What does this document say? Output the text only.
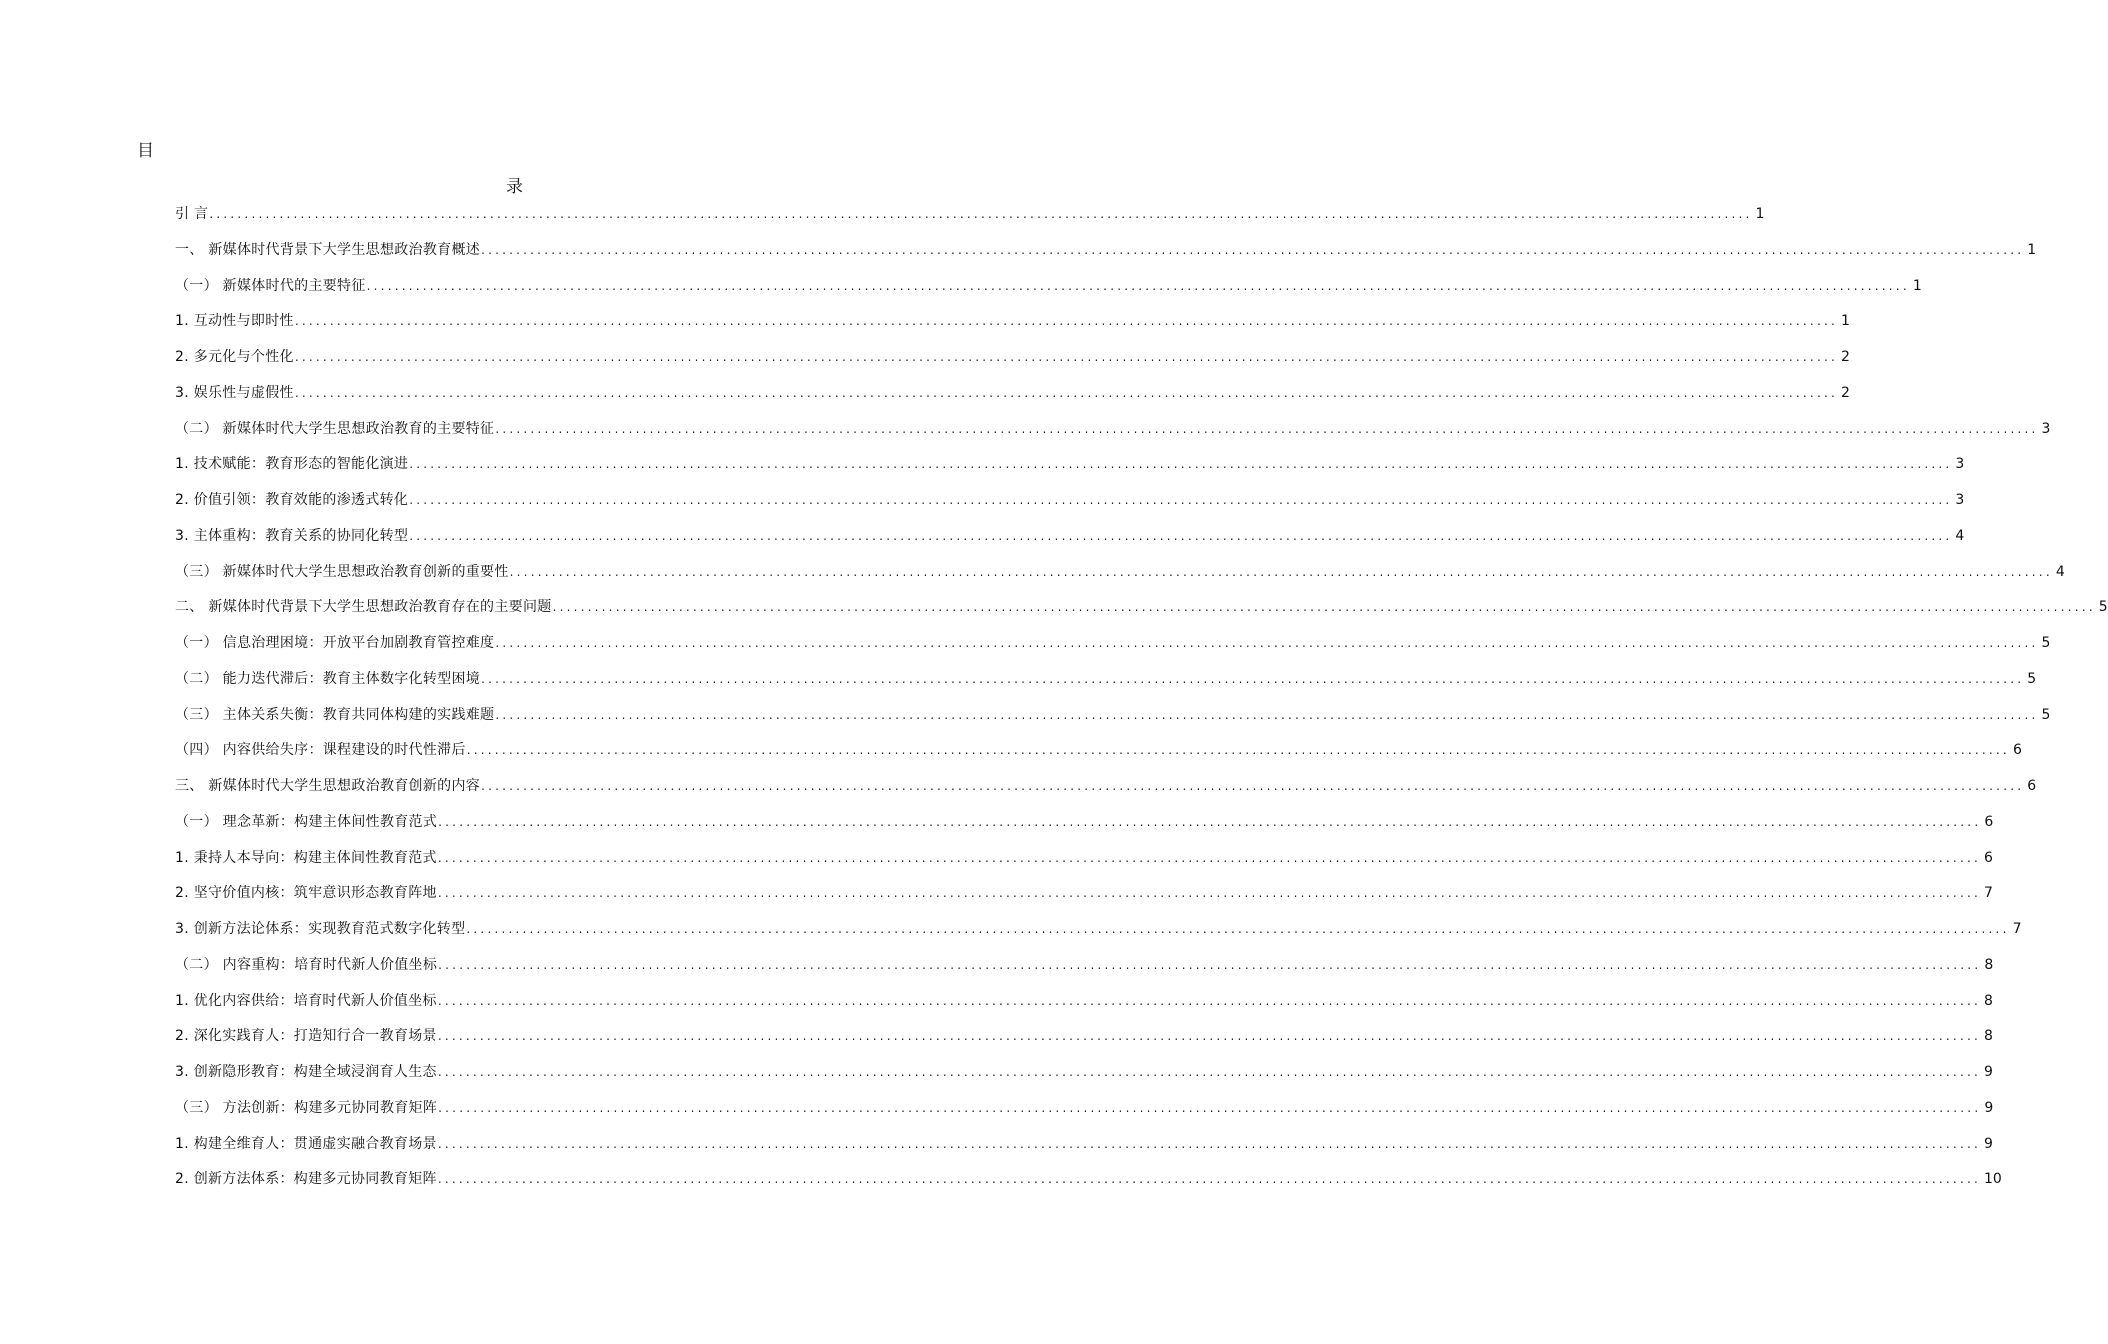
目
录
引 言 ............................................................................................................................................................................................................................ 1
一、 新媒体时代背景下大学生思想政治教育概述 ............................................................................................................................................................................................................................ 1
（一） 新媒体时代的主要特征 ............................................................................................................................................................................................................................ 1
1. 互动性与即时性 ............................................................................................................................................................................................................................ 1
2. 多元化与个性化 ............................................................................................................................................................................................................................ 2
3. 娱乐性与虚假性 ............................................................................................................................................................................................................................ 2
（二） 新媒体时代大学生思想政治教育的主要特征 ............................................................................................................................................................................................................................ 3
1. 技术赋能：教育形态的智能化演进 ............................................................................................................................................................................................................................ 3
2. 价值引领：教育效能的渗透式转化 ............................................................................................................................................................................................................................ 3
3. 主体重构：教育关系的协同化转型 ............................................................................................................................................................................................................................ 4
（三） 新媒体时代大学生思想政治教育创新的重要性 ............................................................................................................................................................................................................................ 4
二、 新媒体时代背景下大学生思想政治教育存在的主要问题 ............................................................................................................................................................................................................................ 5
（一） 信息治理困境：开放平台加剧教育管控难度 ............................................................................................................................................................................................................................ 5
（二） 能力迭代滞后：教育主体数字化转型困境 ............................................................................................................................................................................................................................ 5
（三） 主体关系失衡：教育共同体构建的实践难题 ............................................................................................................................................................................................................................ 5
（四） 内容供给失序：课程建设的时代性滞后 ............................................................................................................................................................................................................................ 6
三、 新媒体时代大学生思想政治教育创新的内容 ............................................................................................................................................................................................................................ 6
（一） 理念革新：构建主体间性教育范式 ............................................................................................................................................................................................................................ 6
1. 秉持人本导向：构建主体间性教育范式 ............................................................................................................................................................................................................................ 6
2. 坚守价值内核：筑牢意识形态教育阵地 ............................................................................................................................................................................................................................ 7
3. 创新方法论体系：实现教育范式数字化转型 ............................................................................................................................................................................................................................ 7
（二） 内容重构：培育时代新人价值坐标 ............................................................................................................................................................................................................................ 8
1. 优化内容供给：培育时代新人价值坐标 ............................................................................................................................................................................................................................ 8
2. 深化实践育人：打造知行合一教育场景 ............................................................................................................................................................................................................................ 8
3. 创新隐形教育：构建全域浸润育人生态 ............................................................................................................................................................................................................................ 9
（三） 方法创新：构建多元协同教育矩阵 ............................................................................................................................................................................................................................ 9
1. 构建全维育人：贯通虚实融合教育场景 ............................................................................................................................................................................................................................ 9
2. 创新方法体系：构建多元协同教育矩阵 ............................................................................................................................................................................................................................ 10
